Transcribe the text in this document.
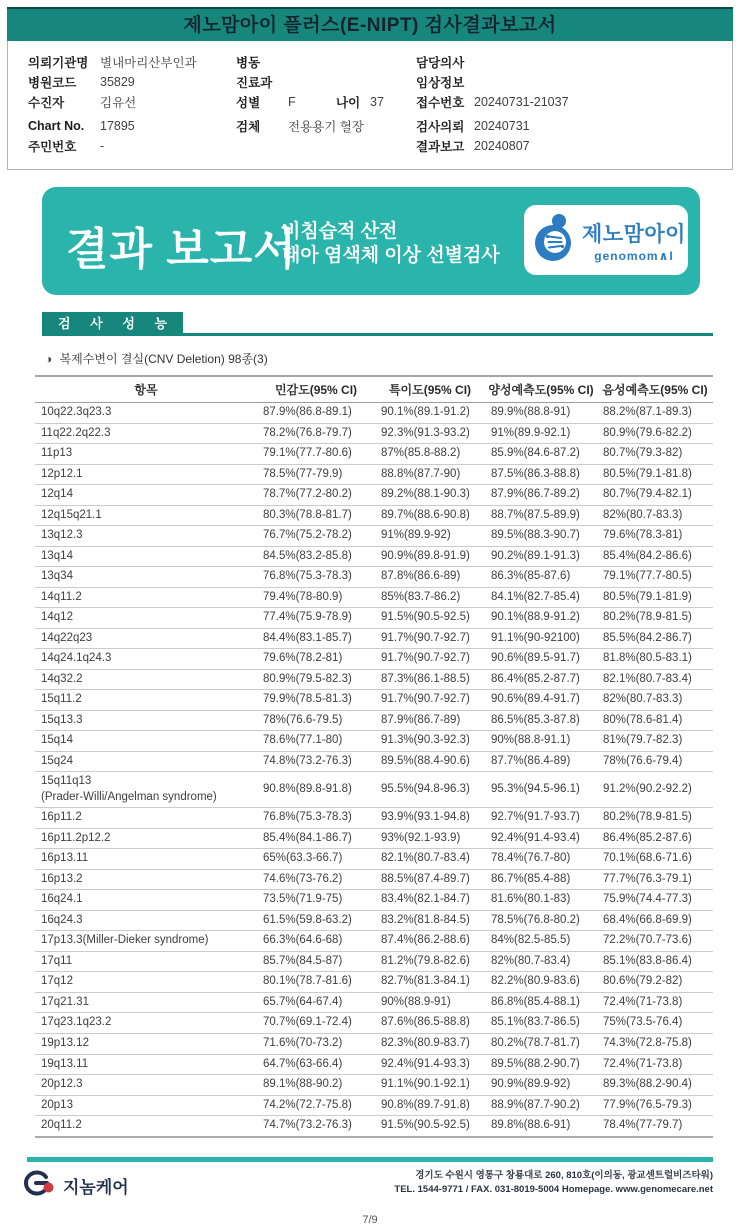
제노맘아이 플러스(E-NIPT) 검사결과보고서
의뢰기관명 별내마리산부인과	병동	담당의사
병원코드	35829	진료과	임상정보
수진자	김유선	성별	F	나이 37	접수번호 20240731-21037
Chart No.	17895	검체	전용용기 혈장	검사의뢰 20240731
주민번호	-	결과보고 20240807
결과 보고서
비침습적 산전
태아 염색체 이상 선별검사
제노맘아이
genomom∧I
검 사 성 능
◑ 복제수변이 결실(CNV Deletion) 98종(3)
항목	민감도(95% CI)	특이도(95% CI)	양성예측도(95% CI)	음성예측도(95% CI)
10q22.3q23.3	87.9%(86.8-89.1)	90.1%(89.1-91.2)	89.9%(88.8-91)	88.2%(87.1-89.3)
11q22.2q22.3	78.2%(76.8-79.7)	92.3%(91.3-93.2)	91%(89.9-92.1)	80.9%(79.6-82.2)
11p13	79.1%(77.7-80.6)	87%(85.8-88.2)	85.9%(84.6-87.2)	80.7%(79.3-82)
12p12.1	78.5%(77-79.9)	88.8%(87.7-90)	87.5%(86.3-88.8)	80.5%(79.1-81.8)
12q14	78.7%(77.2-80.2)	89.2%(88.1-90.3)	87.9%(86.7-89.2)	80.7%(79.4-82.1)
12q15q21.1	80.3%(78.8-81.7)	89.7%(88.6-90.8)	88.7%(87.5-89.9)	82%(80.7-83.3)
13q12.3	76.7%(75.2-78.2)	91%(89.9-92)	89.5%(88.3-90.7)	79.6%(78.3-81)
13q14	84.5%(83.2-85.8)	90.9%(89.8-91.9)	90.2%(89.1-91.3)	85.4%(84.2-86.6)
13q34	76.8%(75.3-78.3)	87.8%(86.6-89)	86.3%(85-87.6)	79.1%(77.7-80.5)
14q11.2	79.4%(78-80.9)	85%(83.7-86.2)	84.1%(82.7-85.4)	80.5%(79.1-81.9)
14q12	77.4%(75.9-78.9)	91.5%(90.5-92.5)	90.1%(88.9-91.2)	80.2%(78.9-81.5)
14q22q23	84.4%(83.1-85.7)	91.7%(90.7-92.7)	91.1%(90-92100)	85.5%(84.2-86.7)
14q24.1q24.3	79.6%(78.2-81)	91.7%(90.7-92.7)	90.6%(89.5-91.7)	81.8%(80.5-83.1)
14q32.2	80.9%(79.5-82.3)	87.3%(86.1-88.5)	86.4%(85.2-87.7)	82.1%(80.7-83.4)
15q11.2	79.9%(78.5-81.3)	91.7%(90.7-92.7)	90.6%(89.4-91.7)	82%(80.7-83.3)
15q13.3	78%(76.6-79.5)	87.9%(86.7-89)	86.5%(85.3-87.8)	80%(78.6-81.4)
15q14	78.6%(77.1-80)	91.3%(90.3-92.3)	90%(88.8-91.1)	81%(79.7-82.3)
15q24	74.8%(73.2-76.3)	89.5%(88.4-90.6)	87.7%(86.4-89)	78%(76.6-79.4)
15q11q13
(Prader-Willi/Angelman syndrome)	90.8%(89.8-91.8)	95.5%(94.8-96.3)	95.3%(94.5-96.1)	91.2%(90.2-92.2)
16p11.2	76.8%(75.3-78.3)	93.9%(93.1-94.8)	92.7%(91.7-93.7)	80.2%(78.9-81.5)
16p11.2p12.2	85.4%(84.1-86.7)	93%(92.1-93.9)	92.4%(91.4-93.4)	86.4%(85.2-87.6)
16p13.11	65%(63.3-66.7)	82.1%(80.7-83.4)	78.4%(76.7-80)	70.1%(68.6-71.6)
16p13.2	74.6%(73-76.2)	88.5%(87.4-89.7)	86.7%(85.4-88)	77.7%(76.3-79.1)
16q24.1	73.5%(71.9-75)	83.4%(82.1-84.7)	81.6%(80.1-83)	75.9%(74.4-77.3)
16q24.3	61.5%(59.8-63.2)	83.2%(81.8-84.5)	78.5%(76.8-80.2)	68.4%(66.8-69.9)
17p13.3(Miller-Dieker syndrome)	66.3%(64.6-68)	87.4%(86.2-88.6)	84%(82.5-85.5)	72.2%(70.7-73.6)
17q11	85.7%(84.5-87)	81.2%(79.8-82.6)	82%(80.7-83.4)	85.1%(83.8-86.4)
17q12	80.1%(78.7-81.6)	82.7%(81.3-84.1)	82.2%(80.9-83.6)	80.6%(79.2-82)
17q21.31	65.7%(64-67.4)	90%(88.9-91)	86.8%(85.4-88.1)	72.4%(71-73.8)
17q23.1q23.2	70.7%(69.1-72.4)	87.6%(86.5-88.8)	85.1%(83.7-86.5)	75%(73.5-76.4)
19p13.12	71.6%(70-73.2)	82.3%(80.9-83.7)	80.2%(78.7-81.7)	74.3%(72.8-75.8)
19q13.11	64.7%(63-66.4)	92.4%(91.4-93.3)	89.5%(88.2-90.7)	72.4%(71-73.8)
20p12.3	89.1%(88-90.2)	91.1%(90.1-92.1)	90.9%(89.9-92)	89.3%(88.2-90.4)
20p13	74.2%(72.7-75.8)	90.8%(89.7-91.8)	88.9%(87.7-90.2)	77.9%(76.5-79.3)
20q11.2	74.7%(73.2-76.3)	91.5%(90.5-92.5)	89.8%(88.6-91)	78.4%(77-79.7)
지놈케어
경기도 수원시 영통구 창룡대로 260, 810호(이의동, 광교센트럴비즈타워)
TEL. 1544-9771 / FAX. 031-8019-5004 Homepage. www.genomecare.net
7/9
